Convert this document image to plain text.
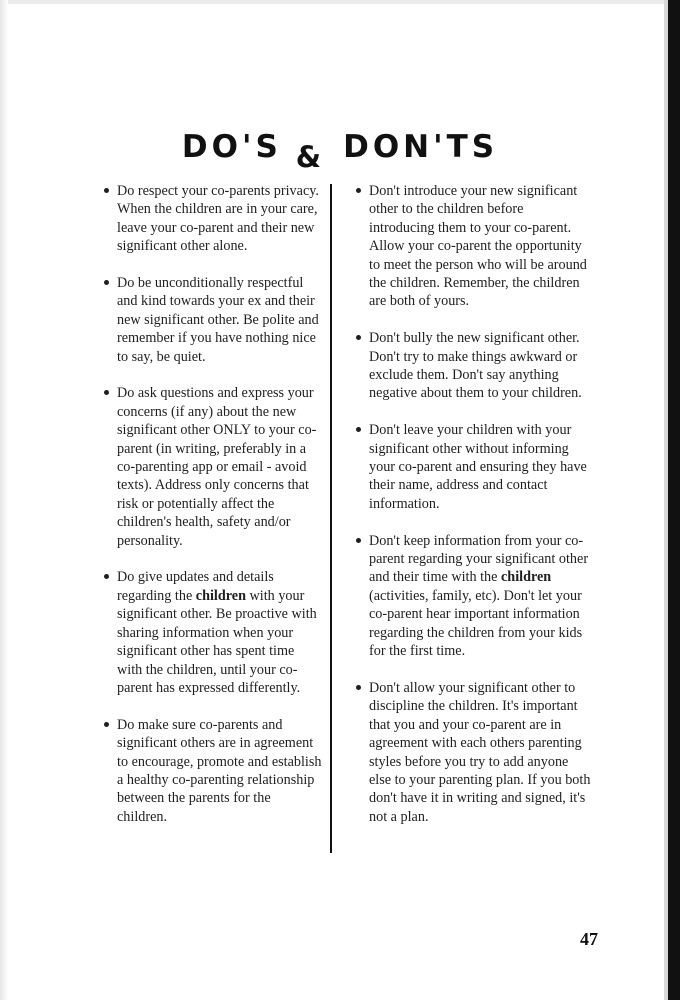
DO'S & DON'TS
Do respect your co-parents privacy. When the children are in your care, leave your co-parent and their new significant other alone.
Do be unconditionally respectful and kind towards your ex and their new significant other. Be polite and remember if you have nothing nice to say, be quiet.
Do ask questions and express your concerns (if any) about the new significant other ONLY to your co-parent (in writing, preferably in a co-parenting app or email - avoid texts). Address only concerns that risk or potentially affect the children's health, safety and/or personality.
Do give updates and details regarding the children with your significant other. Be proactive with sharing information when your significant other has spent time with the children, until your co-parent has expressed differently.
Do make sure co-parents and significant others are in agreement to encourage, promote and establish a healthy co-parenting relationship between the parents for the children.
Don't introduce your new significant other to the children before introducing them to your co-parent. Allow your co-parent the opportunity to meet the person who will be around the children. Remember, the children are both of yours.
Don't bully the new significant other. Don't try to make things awkward or exclude them. Don't say anything negative about them to your children.
Don't leave your children with your significant other without informing your co-parent and ensuring they have their name, address and contact information.
Don't keep information from your co-parent regarding your significant other and their time with the children (activities, family, etc). Don't let your co-parent hear important information regarding the children from your kids for the first time.
Don't allow your significant other to discipline the children. It's important that you and your co-parent are in agreement with each others parenting styles before you try to add anyone else to your parenting plan. If you both don't have it in writing and signed, it's not a plan.
47
